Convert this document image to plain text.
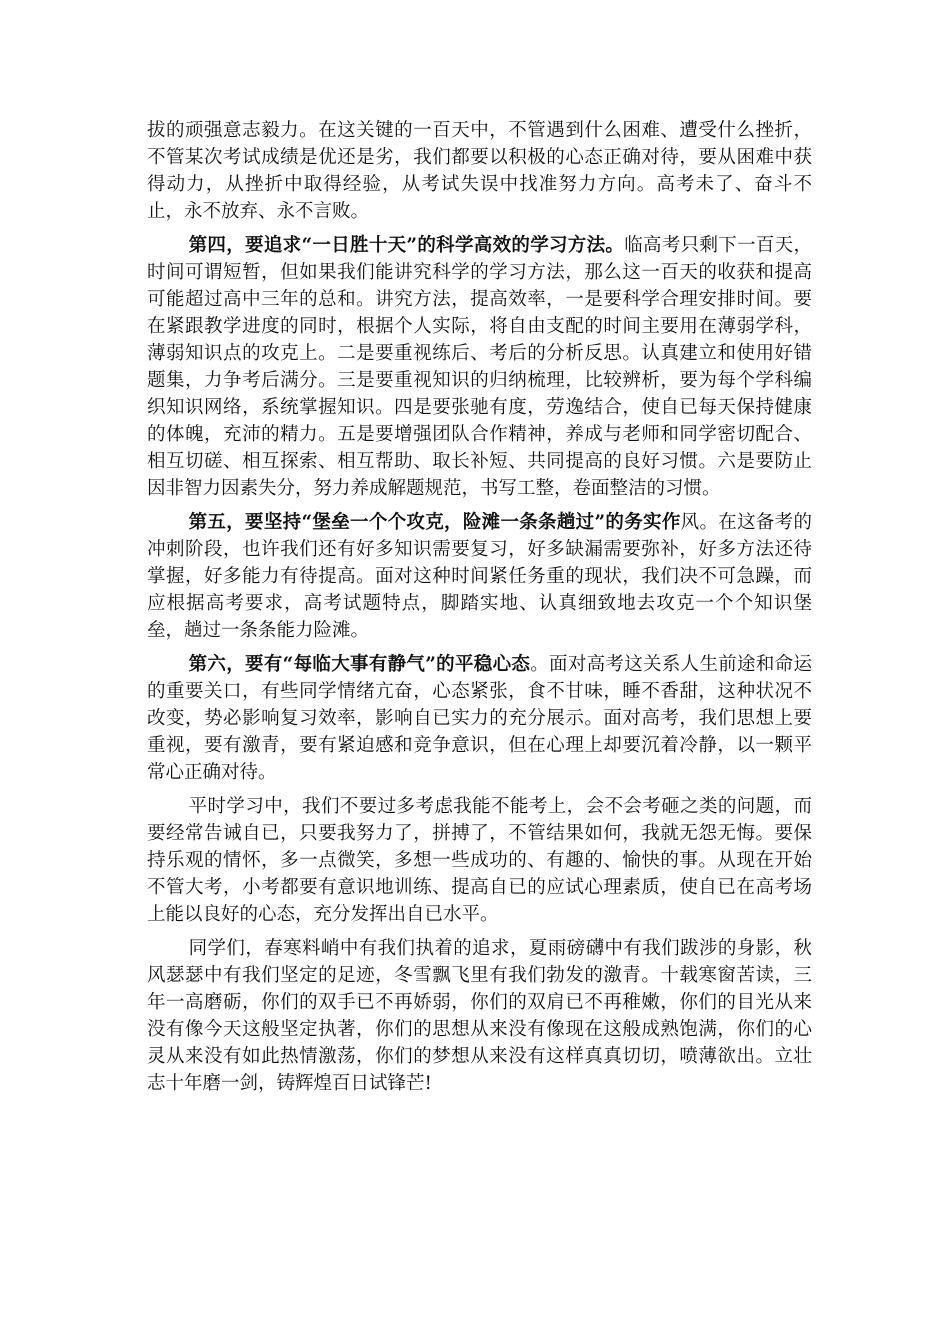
拔的顽强意志毅力。在这关键的一百天中，不管遇到什么困难、遭受什么挫折，不管某次考试成绩是优还是劣，我们都要以积极的心态正确对待，要从困难中获得动力，从挫折中取得经验，从考试失误中找准努力方向。高考未了、奋斗不止，永不放弃、永不言败。

第四，要追求“一日胜十天”的科学高效的学习方法。临高考只剩下一百天，时间可谓短暂，但如果我们能讲究科学的学习方法，那么这一百天的收获和提高可能超过高中三年的总和。讲究方法，提高效率，一是要科学合理安排时间。要在紧跟教学进度的同时，根据个人实际，将自由支配的时间主要用在薄弱学科，薄弱知识点的攻克上。二是要重视练后、考后的分析反思。认真建立和使用好错题集，力争考后满分。三是要重视知识的归纳梳理，比较辨析，要为每个学科编织知识网络，系统掌握知识。四是要张驰有度，劳逸结合，使自已每天保持健康的体魄，充沛的精力。五是要增强团队合作精神，养成与老师和同学密切配合、相互切磋、相互探索、相互帮助、取长补短、共同提高的良好习惯。六是要防止因非智力因素失分，努力养成解题规范，书写工整，卷面整洁的习惯。

第五，要坚持“堡垒一个个攻克，险滩一条条趟过”的务实作风。在这备考的冲刺阶段，也许我们还有好多知识需要复习，好多缺漏需要弥补，好多方法还待掌握，好多能力有待提高。面对这种时间紧任务重的现状，我们决不可急躁，而应根据高考要求，高考试题特点，脚踏实地、认真细致地去攻克一个个知识堡垒，趟过一条条能力险滩。

第六，要有“每临大事有静气”的平稳心态。面对高考这关系人生前途和命运的重要关口，有些同学情绪亢奋，心态紧张，食不甘味，睡不香甜，这种状况不改变，势必影响复习效率，影响自已实力的充分展示。面对高考，我们思想上要重视，要有激青，要有紧迫感和竞争意识，但在心理上却要沉着冷静，以一颗平常心正确对待。

平时学习中，我们不要过多考虑我能不能考上，会不会考砸之类的问题，而要经常告诫自已，只要我努力了，拼搏了，不管结果如何，我就无怨无悔。要保持乐观的情怀，多一点微笑，多想一些成功的、有趣的、愉快的事。从现在开始不管大考，小考都要有意识地训练、提高自已的应试心理素质，使自已在高考场上能以良好的心态，充分发挥出自已水平。

同学们，春寒料峭中有我们执着的追求，夏雨磅礴中有我们跋涉的身影，秋风瑟瑟中有我们坚定的足迹，冬雪飘飞里有我们勃发的激青。十载寒窗苦读，三年一高磨砺，你们的双手已不再娇弱，你们的双肩已不再稚嫩，你们的目光从来没有像今天这般坚定执著，你们的思想从来没有像现在这般成熟饱满，你们的心灵从来没有如此热情激荡，你们的梦想从来没有这样真真切切，喷薄欲出。立壮志十年磨一剑，铸辉煌百日试锋芒!
